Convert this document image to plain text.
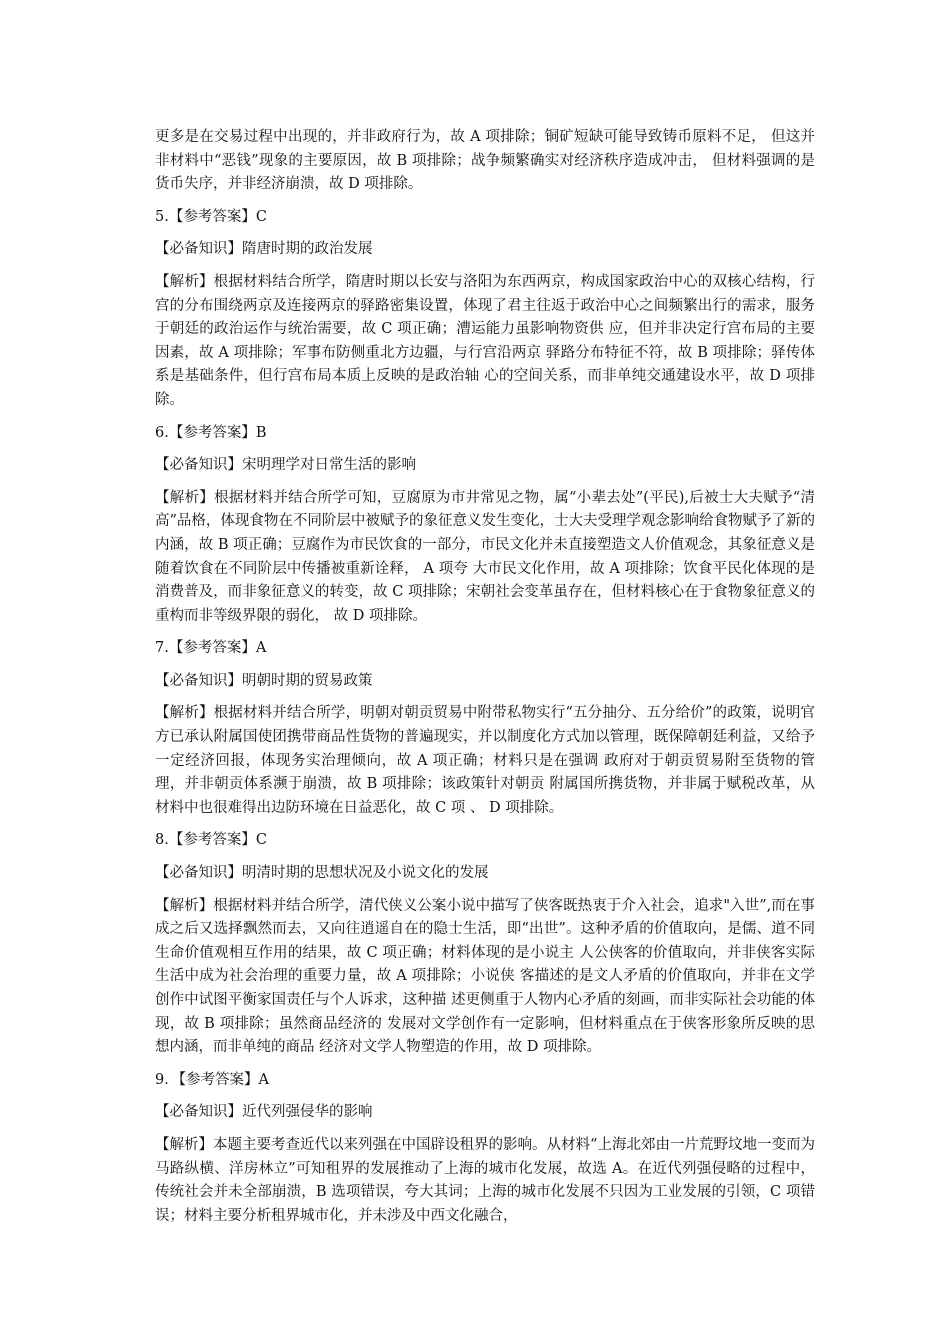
更多是在交易过程中出现的，并非政府行为，故 A 项排除；铜矿短缺可能导致铸币原料不足， 但这并非材料中“恶钱”现象的主要原因，故 B 项排除；战争频繁确实对经济秩序造成冲击， 但材料强调的是货币失序，并非经济崩溃，故 D 项排除。

5.【参考答案】C

【必备知识】隋唐时期的政治发展

【解析】根据材料结合所学，隋唐时期以长安与洛阳为东西两京，构成国家政治中心的双核心结构，行宫的分布围绕两京及连接两京的驿路密集设置，体现了君主往返于政治中心之间频繁出行的需求，服务于朝廷的政治运作与统治需要，故 C 项正确；漕运能力虽影响物资供 应，但并非决定行宫布局的主要因素，故 A 项排除；军事布防侧重北方边疆，与行宫沿两京 驿路分布特征不符，故 B 项排除；驿传体系是基础条件，但行宫布局本质上反映的是政治轴 心的空间关系，而非单纯交通建设水平，故 D 项排除。

6.【参考答案】B

【必备知识】宋明理学对日常生活的影响

【解析】根据材料并结合所学可知，豆腐原为市井常见之物，属“小辈去处”(平民),后被士大夫赋予“清高”品格，体现食物在不同阶层中被赋予的象征意义发生变化，士大夫受理学观念影响给食物赋予了新的内涵，故 B 项正确；豆腐作为市民饮食的一部分，市民文化并未直接塑造文人价值观念，其象征意义是随着饮食在不同阶层中传播被重新诠释， A 项夸 大市民文化作用，故 A 项排除；饮食平民化体现的是消费普及，而非象征意义的转变，故 C 项排除；宋朝社会变革虽存在，但材料核心在于食物象征意义的重构而非等级界限的弱化， 故 D 项排除。

7.【参考答案】A

【必备知识】明朝时期的贸易政策

【解析】根据材料并结合所学，明朝对朝贡贸易中附带私物实行“五分抽分、五分给价”的政策，说明官方已承认附属国使团携带商品性货物的普遍现实，并以制度化方式加以管理，既保障朝廷利益，又给予一定经济回报，体现务实治理倾向，故 A 项正确；材料只是在强调 政府对于朝贡贸易附至货物的管理，并非朝贡体系濒于崩溃，故 B 项排除；该政策针对朝贡 附属国所携货物，并非属于赋税改革，从材料中也很难得出边防环境在日益恶化，故 C 项 、 D 项排除。

8.【参考答案】C

【必备知识】明清时期的思想状况及小说文化的发展

【解析】根据材料并结合所学，清代侠义公案小说中描写了侠客既热衷于介入社会，追求"入世”,而在事成之后又选择飘然而去，又向往逍遥自在的隐士生活，即“出世”。这种矛盾的价值取向，是儒、道不同生命价值观相互作用的结果，故 C 项正确；材料体现的是小说主 人公侠客的价值取向，并非侠客实际生活中成为社会治理的重要力量，故 A 项排除；小说侠 客描述的是文人矛盾的价值取向，并非在文学创作中试图平衡家国责任与个人诉求，这种描 述更侧重于人物内心矛盾的刻画，而非实际社会功能的体现，故 B 项排除；虽然商品经济的 发展对文学创作有一定影响，但材料重点在于侠客形象所反映的思想内涵，而非单纯的商品 经济对文学人物塑造的作用，故 D 项排除。

9．【参考答案】A

【必备知识】近代列强侵华的影响

【解析】本题主要考查近代以来列强在中国辟设租界的影响。从材料“上海北郊由一片荒野坟地一变而为马路纵横、洋房林立”可知租界的发展推动了上海的城市化发展，故选 A。在近代列强侵略的过程中，传统社会并未全部崩溃，B 选项错误，夸大其词；上海的城市化发展不只因为工业发展的引领，C 项错误；材料主要分析租界城市化，并未涉及中西文化融合，
